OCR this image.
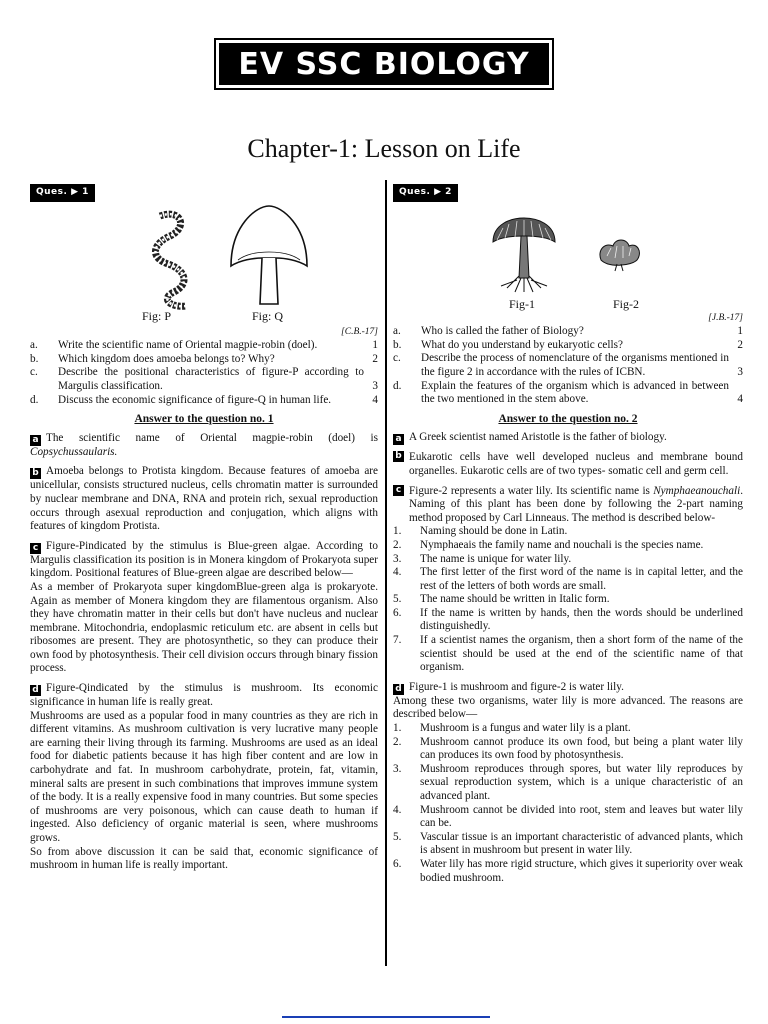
EV SSC BIOLOGY
Chapter-1: Lesson on Life
Ques. ▶ 1
Fig: P	Fig: Q
[C.B.-17]
a.	Write the scientific name of Oriental magpie-robin (doel).	1
b.	Which kingdom does amoeba belongs to? Why?	2
c.	Describe the positional characteristics of figure-P according to Margulis classification.	3
d.	Discuss the economic significance of figure-Q in human life.	4
Answer to the question no. 1

a The scientific name of Oriental magpie-robin (doel) is Copsychussaularis.

b Amoeba belongs to Protista kingdom. Because features of amoeba are unicellular, consists structured nucleus, cells chromatin matter is surrounded by nuclear membrane and DNA, RNA and protein rich, sexual reproduction occurs through asexual reproduction and conjugation, which aligns with features of kingdom Protista.

c Figure-Pindicated by the stimulus is Blue-green algae. According to Margulis classification its position is in Monera kingdom of Prokaryota super kingdom. Positional features of Blue-green algae are described below—

As a member of Prokaryota super kingdomBlue-green alga is prokaryote. Again as member of Monera kingdom they are filamentous organism. Also they have chromatin matter in their cells but don't have nucleus and nuclear membrane. Mitochondria, endoplasmic reticulum etc. are absent in cells but ribosomes are present. They are photosynthetic, so they can produce their own food by photosynthesis. Their cell division occurs through binary fission process.

d Figure-Qindicated by the stimulus is mushroom. Its economic significance in human life is really great.

Mushrooms are used as a popular food in many countries as they are rich in different vitamins. As mushroom cultivation is very lucrative many people are earning their living through its farming. Mushrooms are used as an ideal food for diabetic patients because it has high fiber content and are low in carbohydrate and fat. In mushroom carbohydrate, protein, fat, vitamin, mineral salts are present in such combinations that improves immune system of the body. It is a really expensive food in many countries. But some species of mushrooms are very poisonous, which can cause death to human if ingested. Also deficiency of organic material is seen, where mushrooms grows.

So from above discussion it can be said that, economic significance of mushroom in human life is really important.

Ques. ▶ 2
Fig-1	Fig-2
[J.B.-17]
a.	Who is called the father of Biology?	1
b.	What do you understand by eukaryotic cells?	2
c.	Describe the process of nomenclature of the organisms mentioned in the figure 2 in accordance with the rules of ICBN.	3
d.	Explain the features of the organism which is advanced in between the two mentioned in the stem above.	4
Answer to the question no. 2

a A Greek scientist named Aristotle is the father of biology.

b Eukarotic cells have well developed nucleus and membrane bound organelles. Eukarotic cells are of two types- somatic cell and germ cell.
c Figure-2 represents a water lily. Its scientific name is Nymphaeanouchali. Naming of this plant has been done by following the 2-part naming method proposed by Carl Linneaus. The method is described below-
1.	Naming should be done in Latin.
2.	Nymphaeais the family name and nouchali is the species name.
3.	The name is unique for water lily.
4.	The first letter of the first word of the name is in capital letter, and the rest of the letters of both words are small.
5.	The name should be written in Italic form.
6.	If the name is written by hands, then the words should be underlined distinguishedly.
7.	If a scientist names the organism, then a short form of the name of the scientist should be used at the end of the scientific name of that organism.

d Figure-1 is mushroom and figure-2 is water lily.

Among these two organisms, water lily is more advanced. The reasons are described below—

1.	Mushroom is a fungus and water lily is a plant.
2.	Mushroom cannot produce its own food, but being a plant water lily can produces its own food by photosynthesis.
3.	Mushroom reproduces through spores, but water lily reproduces by sexual reproduction system, which is a unique characteristic of an advanced plant.
4.	Mushroom cannot be divided into root, stem and leaves but water lily can be.
5.	Vascular tissue is an important characteristic of advanced plants, which is absent in mushroom but present in water lily.
6.	Water lily has more rigid structure, which gives it superiority over weak bodied mushroom.
